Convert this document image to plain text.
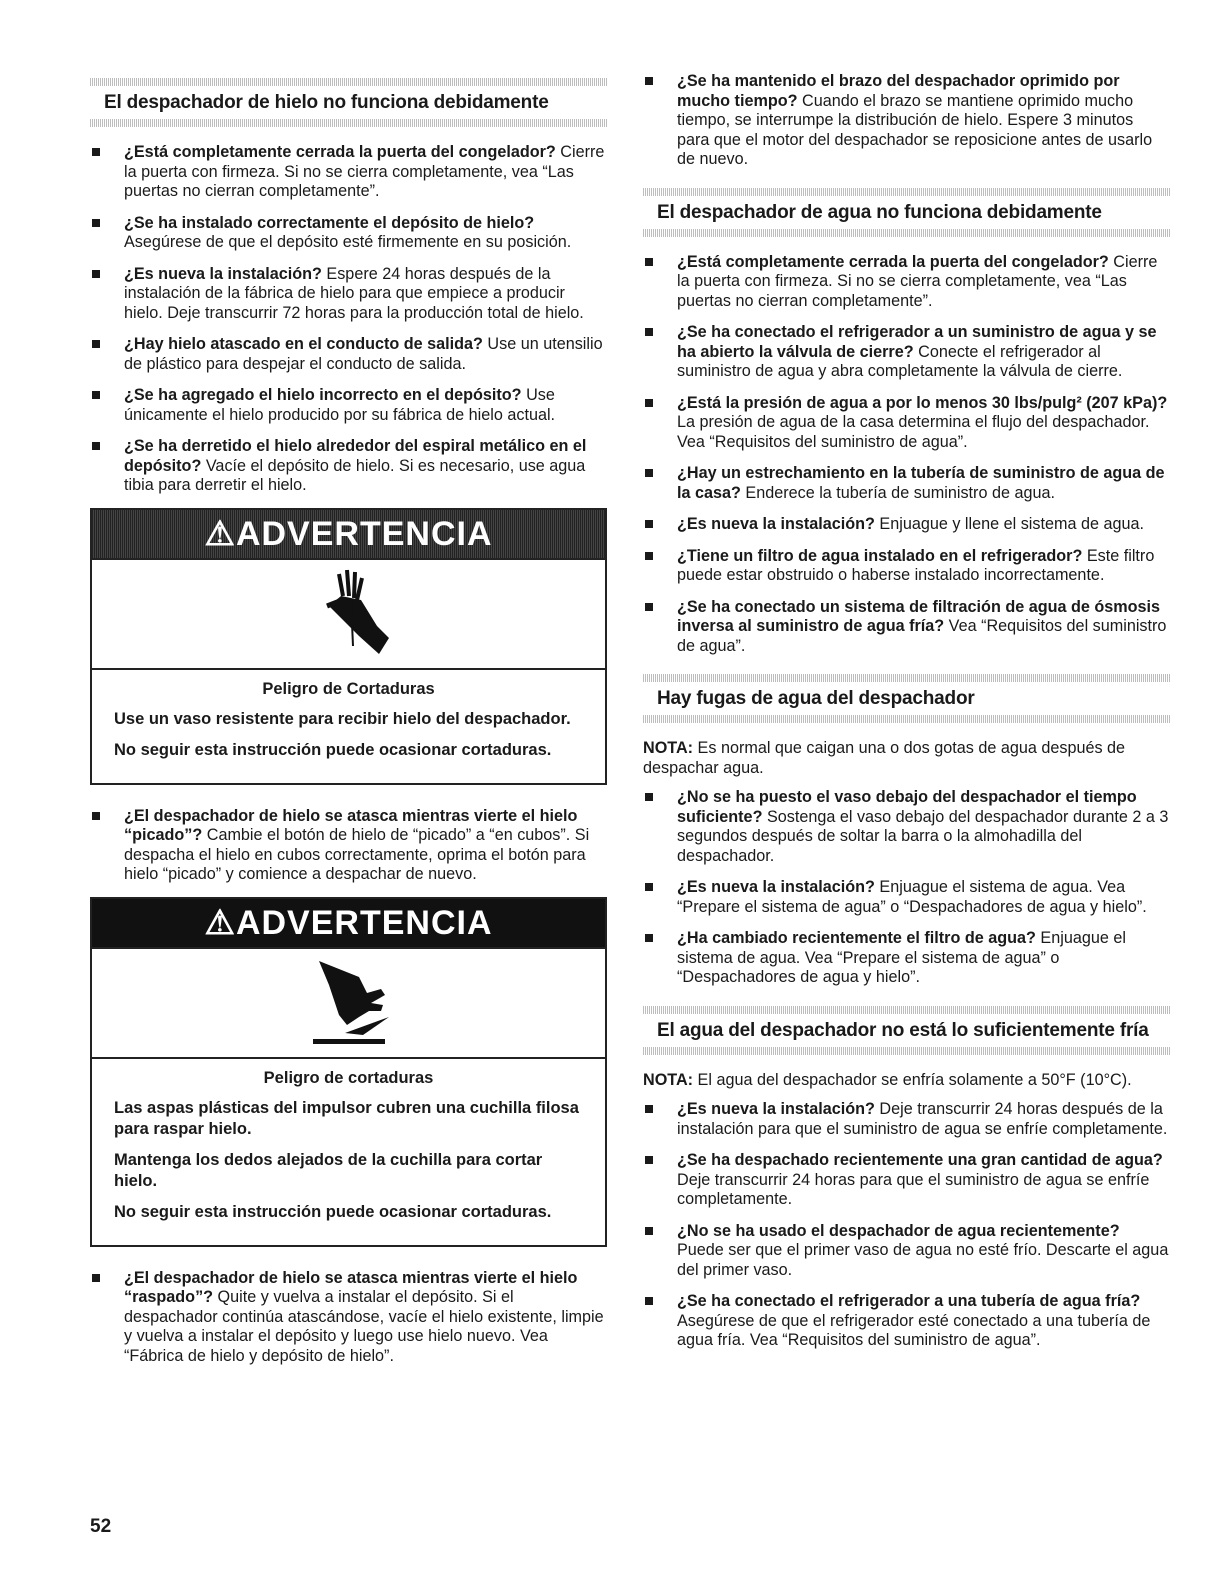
El despachador de hielo no funciona debidamente
¿Está completamente cerrada la puerta del congelador? Cierre la puerta con firmeza. Si no se cierra completamente, vea “Las puertas no cierran completamente”.
¿Se ha instalado correctamente el depósito de hielo? Asegúrese de que el depósito esté firmemente en su posición.
¿Es nueva la instalación? Espere 24 horas después de la instalación de la fábrica de hielo para que empiece a producir hielo. Deje transcurrir 72 horas para la producción total de hielo.
¿Hay hielo atascado en el conducto de salida? Use un utensilio de plástico para despejar el conducto de salida.
¿Se ha agregado el hielo incorrecto en el depósito? Use únicamente el hielo producido por su fábrica de hielo actual.
¿Se ha derretido el hielo alrededor del espiral metálico en el depósito? Vacíe el depósito de hielo. Si es necesario, use agua tibia para derretir el hielo.
⚠ADVERTENCIA
Peligro de Cortaduras

Use un vaso resistente para recibir hielo del despachador.

No seguir esta instrucción puede ocasionar cortaduras.

¿El despachador de hielo se atasca mientras vierte el hielo “picado”? Cambie el botón de hielo de “picado” a “en cubos”. Si despacha el hielo en cubos correctamente, oprima el botón para hielo “picado” y comience a despachar de nuevo.
⚠ADVERTENCIA
Peligro de cortaduras

Las aspas plásticas del impulsor cubren una cuchilla filosa para raspar hielo.

Mantenga los dedos alejados de la cuchilla para cortar hielo.

No seguir esta instrucción puede ocasionar cortaduras.

¿El despachador de hielo se atasca mientras vierte el hielo “raspado”? Quite y vuelva a instalar el depósito. Si el despachador continúa atascándose, vacíe el hielo existente, limpie y vuelva a instalar el depósito y luego use hielo nuevo. Vea “Fábrica de hielo y depósito de hielo”.
¿Se ha mantenido el brazo del despachador oprimido por mucho tiempo? Cuando el brazo se mantiene oprimido mucho tiempo, se interrumpe la distribución de hielo. Espere 3 minutos para que el motor del despachador se reposicione antes de usarlo de nuevo.
El despachador de agua no funciona debidamente
¿Está completamente cerrada la puerta del congelador? Cierre la puerta con firmeza. Si no se cierra completamente, vea “Las puertas no cierran completamente”.
¿Se ha conectado el refrigerador a un suministro de agua y se ha abierto la válvula de cierre? Conecte el refrigerador al suministro de agua y abra completamente la válvula de cierre.
¿Está la presión de agua a por lo menos 30 lbs/pulg² (207 kPa)? La presión de agua de la casa determina el flujo del despachador. Vea “Requisitos del suministro de agua”.
¿Hay un estrechamiento en la tubería de suministro de agua de la casa? Enderece la tubería de suministro de agua.
¿Es nueva la instalación? Enjuague y llene el sistema de agua.
¿Tiene un filtro de agua instalado en el refrigerador? Este filtro puede estar obstruido o haberse instalado incorrectamente.
¿Se ha conectado un sistema de filtración de agua de ósmosis inversa al suministro de agua fría? Vea “Requisitos del suministro de agua”.
Hay fugas de agua del despachador
NOTA: Es normal que caigan una o dos gotas de agua después de despachar agua.
¿No se ha puesto el vaso debajo del despachador el tiempo suficiente? Sostenga el vaso debajo del despachador durante 2 a 3 segundos después de soltar la barra o la almohadilla del despachador.
¿Es nueva la instalación? Enjuague el sistema de agua. Vea “Prepare el sistema de agua” o “Despachadores de agua y hielo”.
¿Ha cambiado recientemente el filtro de agua? Enjuague el sistema de agua. Vea “Prepare el sistema de agua” o “Despachadores de agua y hielo”.
El agua del despachador no está lo suficientemente fría
NOTA: El agua del despachador se enfría solamente a 50°F (10°C).
¿Es nueva la instalación? Deje transcurrir 24 horas después de la instalación para que el suministro de agua se enfríe completamente.
¿Se ha despachado recientemente una gran cantidad de agua? Deje transcurrir 24 horas para que el suministro de agua se enfríe completamente.
¿No se ha usado el despachador de agua recientemente? Puede ser que el primer vaso de agua no esté frío. Descarte el agua del primer vaso.
¿Se ha conectado el refrigerador a una tubería de agua fría? Asegúrese de que el refrigerador esté conectado a una tubería de agua fría. Vea “Requisitos del suministro de agua”.
52
